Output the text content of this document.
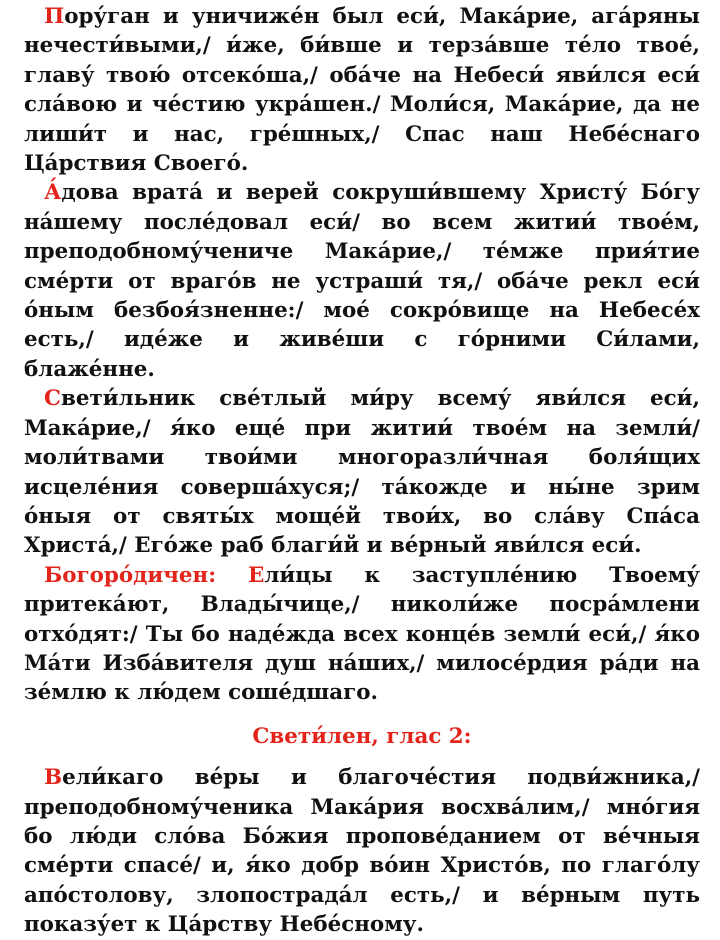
Пору́ган и уничиже́н был еси́, Мака́рие, ага́ряны нечести́выми,/ и́же, би́вше и терза́вше те́ло твое́, главу́ твою́ отсеко́ша,/ оба́че на Небеси́ яви́лся еси́ сла́вою и че́стию укра́шен./ Моли́ся, Мака́рие, да не лиши́т и нас, гре́шных,/ Спас наш Небе́снаго Ца́рствия Своего́.

А́дова врата́ и верей сокруши́вшему Христу́ Бо́гу на́шему после́довал еси́/ во всем житии́ твое́м, преподобному́чениче Мака́рие,/ те́мже прия́тие сме́рти от враго́в не устраши́ тя,/ оба́че рекл еси́ о́ным безбоя́зненне:/ мое́ сокро́вище на Небесе́х есть,/ иде́же и живе́ши с го́рними Си́лами, блаже́нне.

Свети́льник све́тлый ми́ру всему́ яви́лся еси́, Мака́рие,/ я́ко еще́ при житии́ твое́м на земли́/ моли́твами твои́ми многоразли́чная боля́щих исцеле́ния соверша́хуся;/ та́кожде и ны́не зрим о́ныя от святы́х моще́й твои́х, во сла́ву Спа́са Христа́,/ Его́же раб благи́й и ве́рный яви́лся еси́.

Богоро́дичен: Ели́цы к заступле́нию Твоему́ притека́ют, Влады́чице,/ николи́же посра́млени отхо́дят:/ Ты бо наде́жда всех конце́в земли́ еси́,/ я́ко Ма́ти Изба́вителя душ на́ших,/ милосе́рдия ра́ди на зе́млю к лю́дем соше́дшаго.

Свети́лен, глас 2:

Вели́каго ве́ры и благоче́стия подви́жника,/ преподобному́ченика Мака́рия восхва́лим,/ мно́гия бо лю́ди сло́ва Бо́жия пропове́данием от ве́чныя сме́рти спасе́/ и, я́ко добр во́ин Христо́в, по глаго́лу апо́столову, злопострада́л есть,/ и ве́рным путь показу́ет к Ца́рству Небе́сному.
